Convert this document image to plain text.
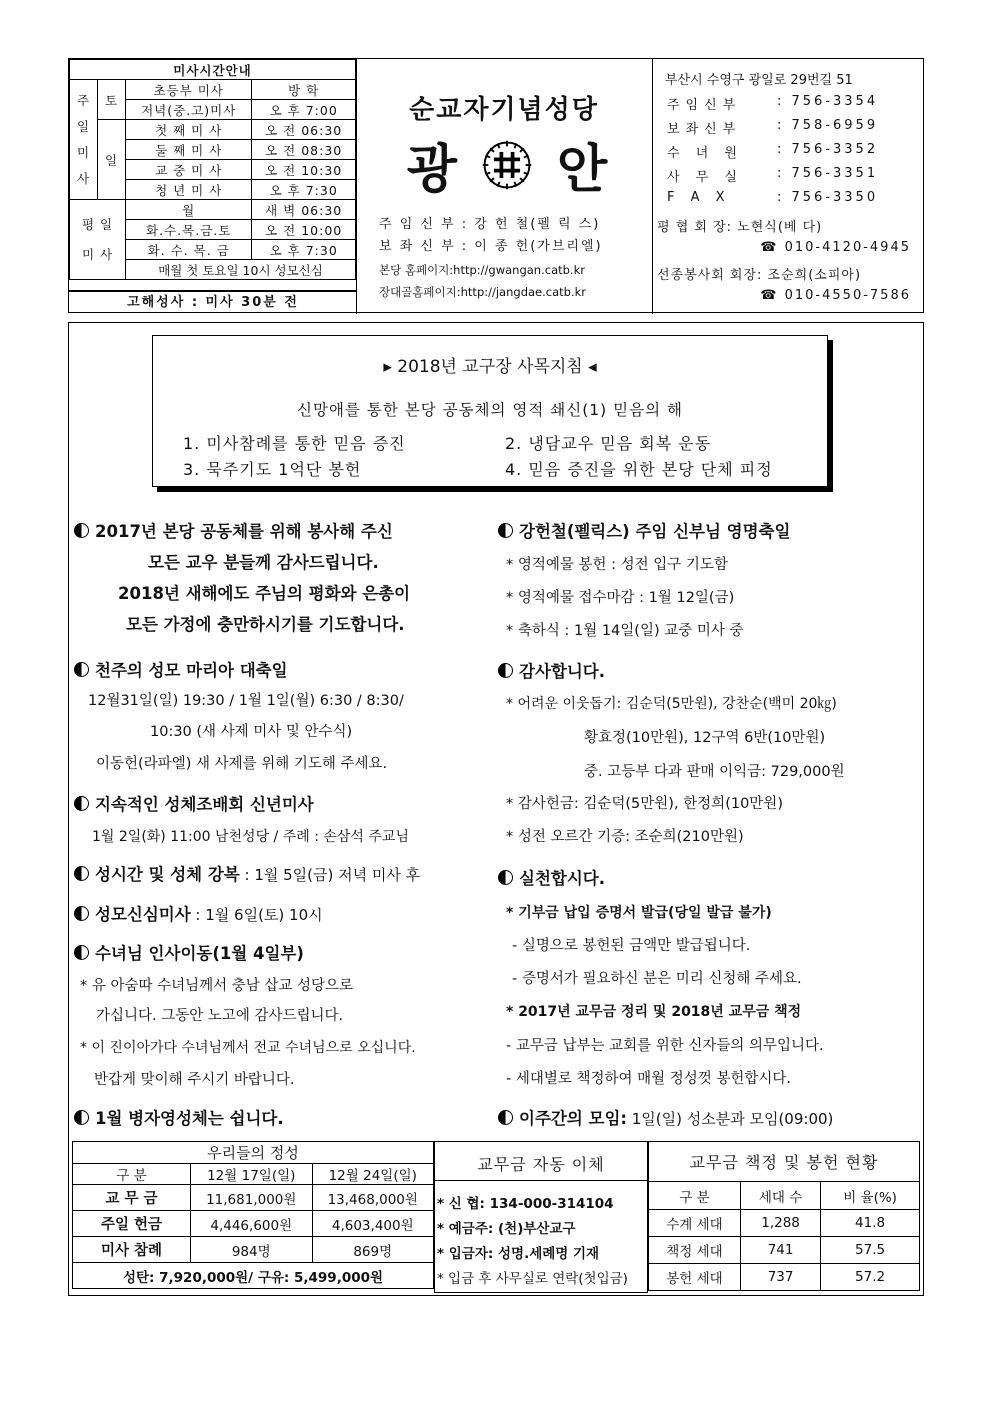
미사시간안내			
주
일
미
사	토	초등부 미사	방 학
		저녁(중.고)미사	오 후 7:00
	일	첫 째 미 사	오 전 06:30
		둘 째 미 사	오 전 08:30
		교 중 미 사	오 전 10:30
		청 년 미 사	오 후 7:30
평 일
미 사		월	새 벽 06:30
		화.수.목.금.토	오 전 10:00
		화. 수. 목. 금	오 후 7:30
		매월 첫 토요일 10시 성모신심	
고해성사 : 미사 30분 전
순교자기념성당
광 안
주 임 신 부 : 강 헌 철(펠 릭 스)
보 좌 신 부 : 이 종 헌(가브리엘)
본당 홈페이지:http://gwangan.catb.kr
장대골홈페이지:http://jangdae.catb.kr
부산시 수영구 광일로 29번길 51
주임신부	: 756-3354
보좌신부	: 758-6959
수 녀 원	: 756-3352
사 무 실	: 756-3351
F A X	: 756-3350
평 협 회 장: 노현식(베 다)
☎ 010-4120-4945
선종봉사회 회장: 조순희(소피아)
☎ 010-4550-7586
▸ 2018년 교구장 사목지침 ◂
신망애를 통한 본당 공동체의 영적 쇄신(1) 믿음의 해
1. 미사참례를 통한 믿음 증진	2. 냉담교우 믿음 회복 운동
3. 묵주기도 1억단 봉헌	4. 믿음 증진을 위한 본당 단체 피정
2017년 본당 공동체를 위해 봉사해 주신
모든 교우 분들께 감사드립니다.
2018년 새해에도 주님의 평화와 은총이
모든 가정에 충만하시기를 기도합니다.
천주의 성모 마리아 대축일
12월31일(일) 19:30 / 1월 1일(월) 6:30 / 8:30/
10:30 (새 사제 미사 및 안수식)
이동헌(라파엘) 새 사제를 위해 기도해 주세요.
지속적인 성체조배회 신년미사
1월 2일(화) 11:00 남천성당 / 주례 : 손삼석 주교님
성시간 및 성체 강복 : 1월 5일(금) 저녁 미사 후
성모신심미사 : 1월 6일(토) 10시
수녀님 인사이동(1월 4일부)
* 유 아숨따 수녀님께서 충남 삽교 성당으로
가십니다. 그동안 노고에 감사드립니다.
* 이 진이아가다 수녀님께서 전교 수녀님으로 오십니다.
반갑게 맞이해 주시기 바랍니다.
1월 병자영성체는 쉽니다.
강헌철(펠릭스) 주임 신부님 영명축일
* 영적예물 봉헌 : 성전 입구 기도함
* 영적예물 접수마감 : 1월 12일(금)
* 축하식 : 1월 14일(일) 교중 미사 중
감사합니다.
* 어려운 이웃돕기: 김순덕(5만원), 강찬순(백미 20㎏)
황효정(10만원), 12구역 6반(10만원)
중. 고등부 다과 판매 이익금: 729,000원
* 감사헌금: 김순덕(5만원), 한정희(10만원)
* 성전 오르간 기증: 조순희(210만원)
실천합시다.
* 기부금 납입 증명서 발급(당일 발급 불가)
- 실명으로 봉헌된 금액만 발급됩니다.
- 증명서가 필요하신 분은 미리 신청해 주세요.
* 2017년 교무금 정리 및 2018년 교무금 책정
- 교무금 납부는 교회를 위한 신자들의 의무입니다.
- 세대별로 책정하여 매월 정성껏 봉헌합시다.
이주간의 모임: 1일(일) 성소분과 모임(09:00)
우리들의 정성		
구 분	12월 17일(일)	12월 24일(일)
교 무 금	11,681,000원	13,468,000원
주일 헌금	4,446,600원	4,603,400원
미사 참례	984명	869명
성탄: 7,920,000원/ 구유: 5,499,000원		
교무금 자동 이체
* 신 협: 134-000-314104
* 예금주: (천)부산교구
* 입금자: 성명.세례명 기재
* 입금 후 사무실로 연락(첫입금)
교무금 책정 및 봉헌 현황		
구 분	세대 수	비 율(%)
수계 세대	1,288	41.8
책정 세대	741	57.5
봉헌 세대	737	57.2
